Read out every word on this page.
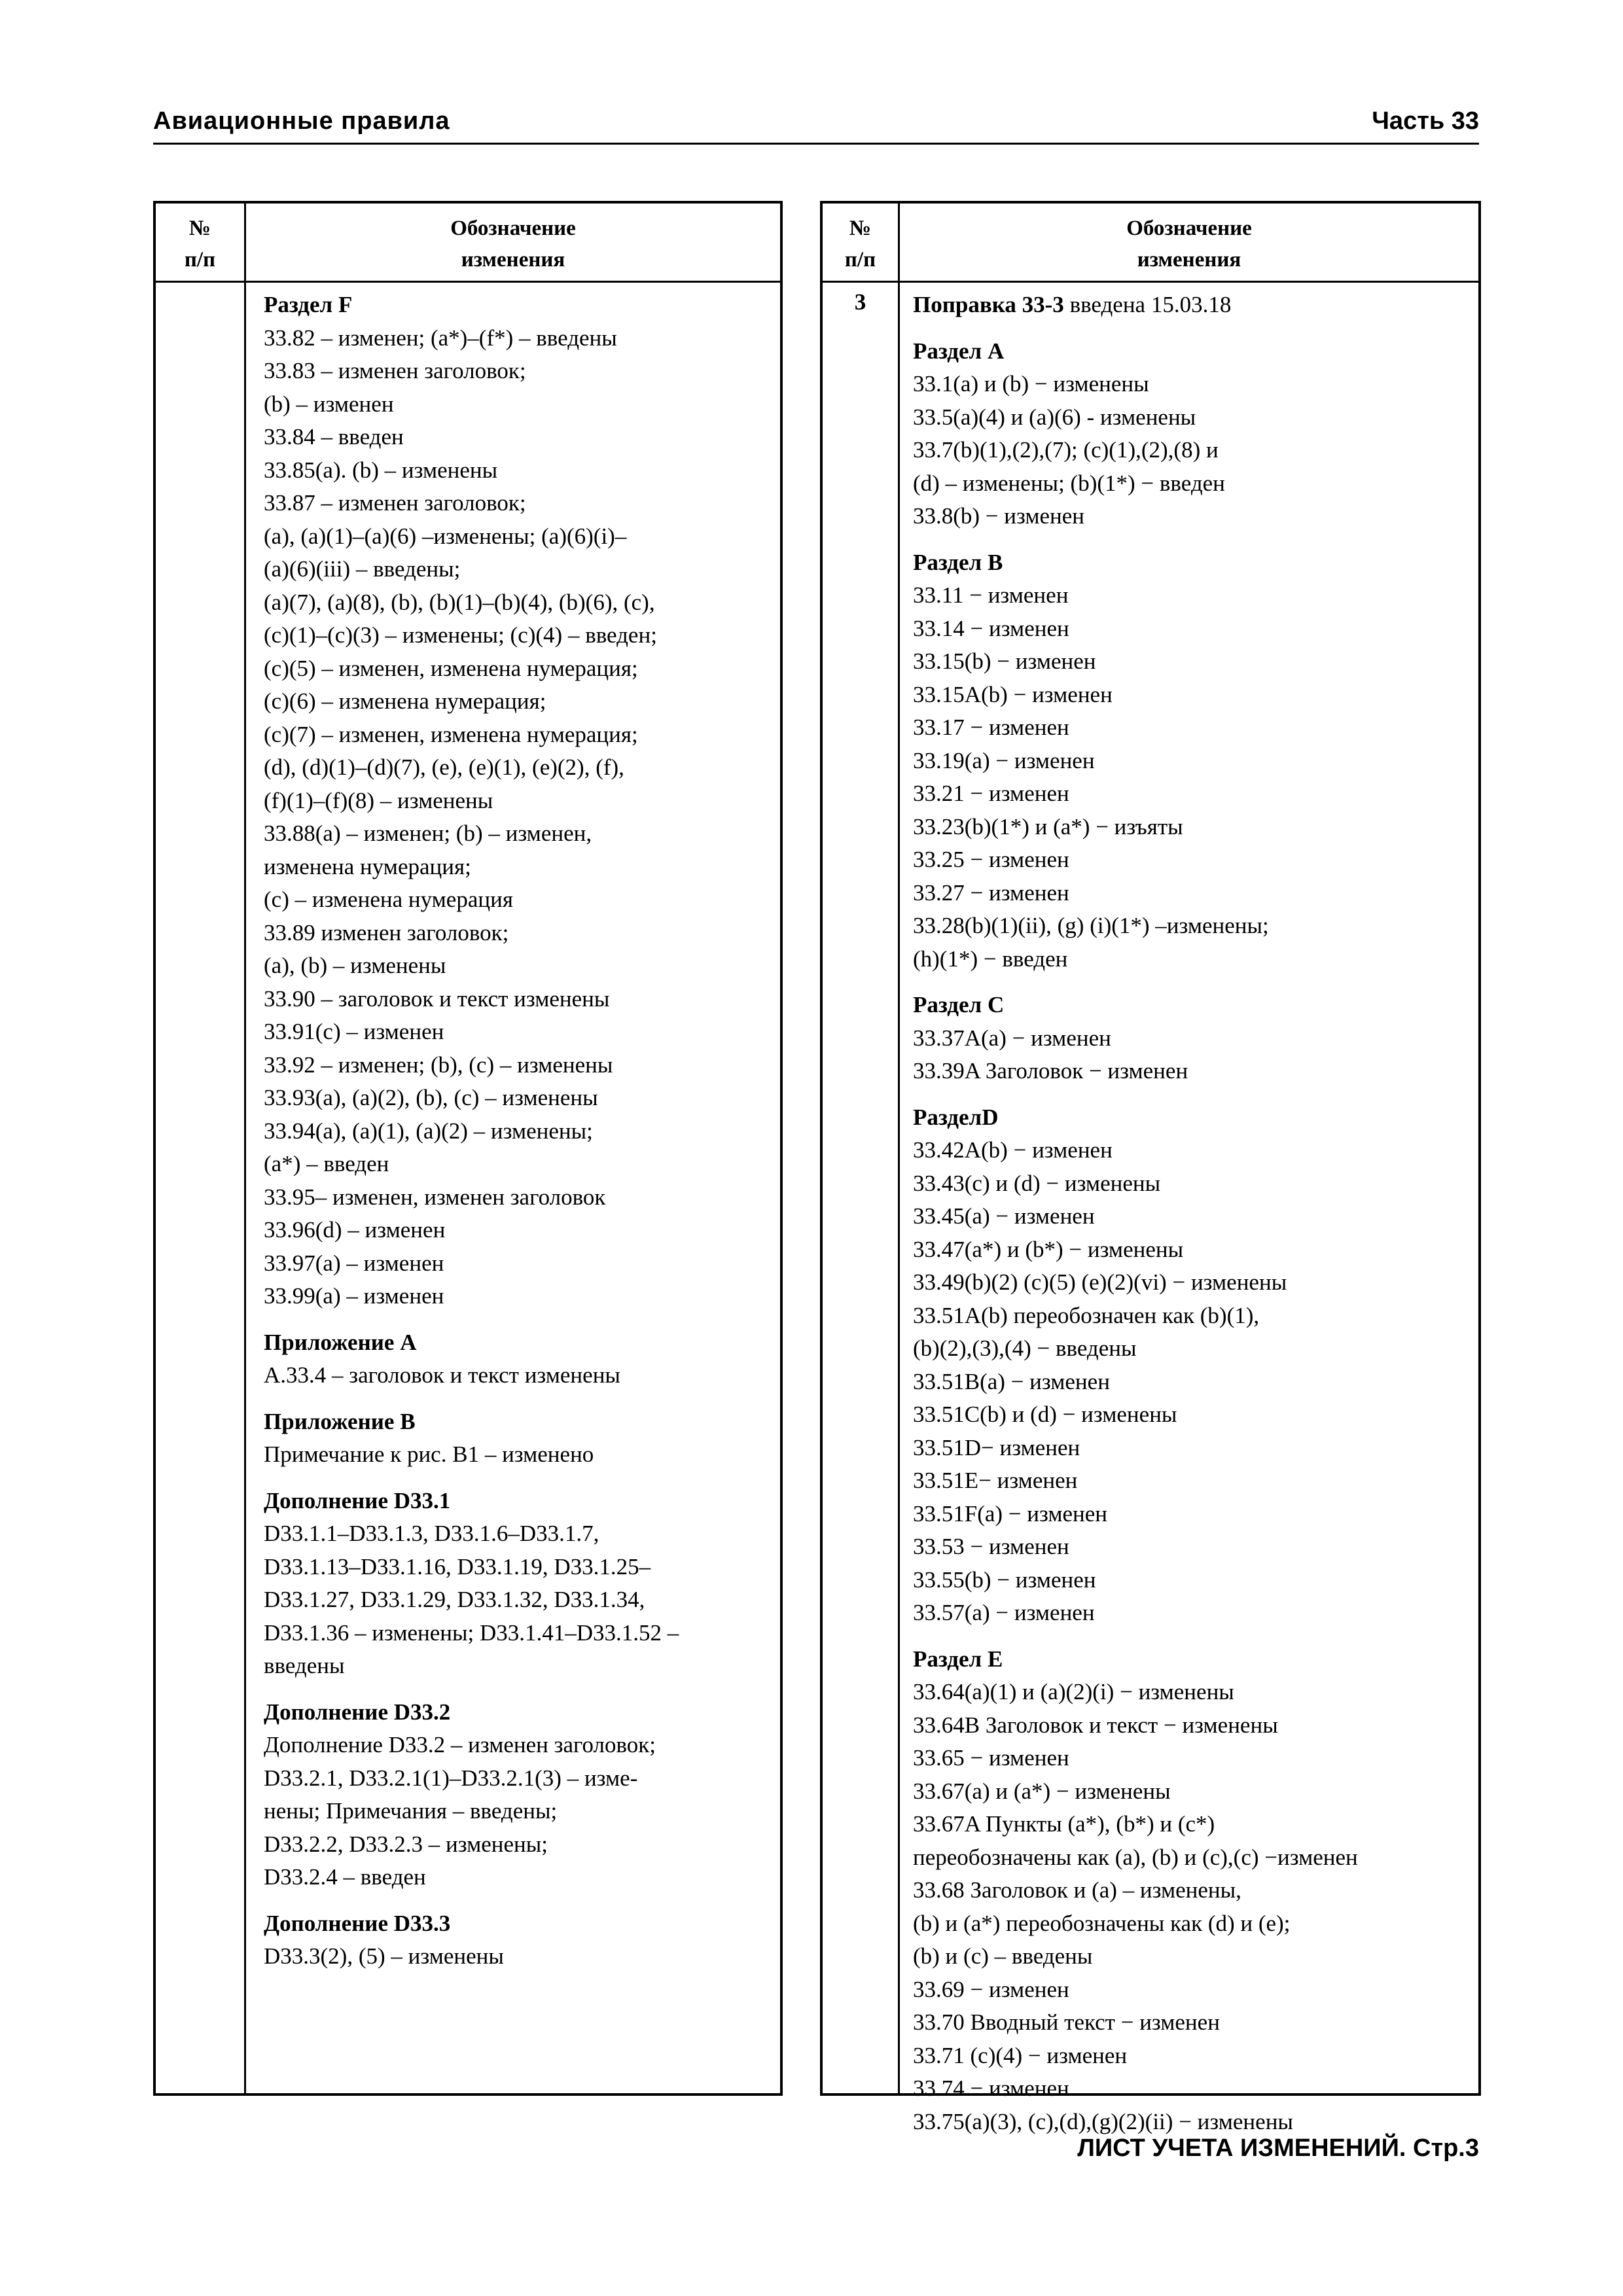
Авиационные правила	Часть 33
№
п/п
Обозначение
изменения
Раздел F
33.82 – изменен; (a*)–(f*) – введены
33.83 – изменен заголовок;
(b) – изменен
33.84 – введен
33.85(a). (b) – изменены
33.87 – изменен заголовок;
(a), (a)(1)–(a)(6) –изменены; (a)(6)(i)–
(a)(6)(iii) – введены;
(a)(7), (a)(8), (b), (b)(1)–(b)(4), (b)(6), (c),
(c)(1)–(c)(3) – изменены; (c)(4) – введен;
(c)(5) – изменен, изменена нумерация;
(c)(6) – изменена нумерация;
(c)(7) – изменен, изменена нумерация;
(d), (d)(1)–(d)(7), (e), (e)(1), (e)(2), (f),
(f)(1)–(f)(8) – изменены
33.88(a) – изменен; (b) – изменен,
изменена нумерация;
(c) – изменена нумерация
33.89 изменен заголовок;
(a), (b) – изменены
33.90 – заголовок и текст изменены
33.91(c) – изменен
33.92 – изменен; (b), (c) – изменены
33.93(a), (a)(2), (b), (c) – изменены
33.94(a), (a)(1), (a)(2) – изменены;
(a*) – введен
33.95– изменен, изменен заголовок
33.96(d) – изменен
33.97(a) – изменен
33.99(a) – изменен
Приложение A
A.33.4 – заголовок и текст изменены
Приложение B
Примечание к рис. B1 – изменено
Дополнение D33.1
D33.1.1–D33.1.3, D33.1.6–D33.1.7,
D33.1.13–D33.1.16, D33.1.19, D33.1.25–
D33.1.27, D33.1.29, D33.1.32, D33.1.34,
D33.1.36 – изменены; D33.1.41–D33.1.52 –
введены
Дополнение D33.2
Дополнение D33.2 – изменен заголовок;
D33.2.1, D33.2.1(1)–D33.2.1(3) – изме-
нены; Примечания – введены;
D33.2.2, D33.2.3 – изменены;
D33.2.4 – введен
Дополнение D33.3
D33.3(2), (5) – изменены
№
п/п
Обозначение
изменения
3	Поправка 33-3 введена 15.03.18
Раздел A
33.1(a) и (b) − изменены
33.5(a)(4) и (a)(6) - изменены
33.7(b)(1),(2),(7); (c)(1),(2),(8) и
(d) – изменены; (b)(1*) − введен
33.8(b) − изменен
Раздел B
33.11 − изменен
33.14 − изменен
33.15(b) − изменен
33.15A(b) − изменен
33.17 − изменен
33.19(a) − изменен
33.21 − изменен
33.23(b)(1*) и (a*) − изъяты
33.25 − изменен
33.27 − изменен
33.28(b)(1)(ii), (g) (i)(1*) –изменены;
(h)(1*) − введен
Раздел C
33.37A(a) − изменен
33.39A Заголовок − изменен
РазделD
33.42A(b) − изменен
33.43(c) и (d) − изменены
33.45(a) − изменен
33.47(a*) и (b*) − изменены
33.49(b)(2) (c)(5) (e)(2)(vi) − изменены
33.51A(b) переобозначен как (b)(1),
(b)(2),(3),(4) − введены
33.51B(a) − изменен
33.51C(b) и (d) − изменены
33.51D− изменен
33.51E− изменен
33.51F(a) − изменен
33.53 − изменен
33.55(b) − изменен
33.57(a) − изменен
Раздел E
33.64(a)(1) и (a)(2)(i) − изменены
33.64B Заголовок и текст − изменены
33.65 − изменен
33.67(a) и (a*) − изменены
33.67A Пункты (a*), (b*) и (c*)
переобозначены как (a), (b) и (c),(c) −изменен
33.68 Заголовок и (a) – изменены,
(b) и (a*) переобозначены как (d) и (e);
(b) и (c) – введены
33.69 − изменен
33.70 Вводный текст − изменен
33.71 (c)(4) − изменен
33.74 − изменен
33.75(a)(3), (c),(d),(g)(2)(ii) − изменены
ЛИСТ УЧЕТА ИЗМЕНЕНИЙ. Стр.3
